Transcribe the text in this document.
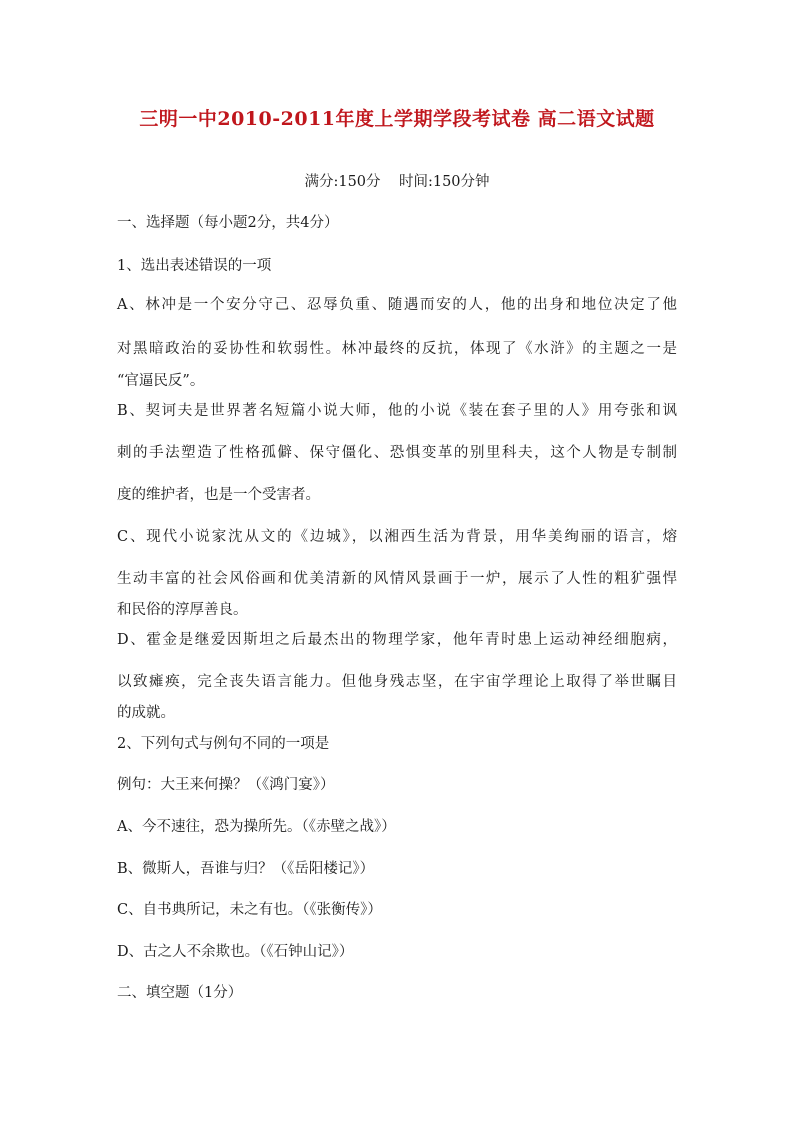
三明一中2010-2011年度上学期学段考试卷 高二语文试题
满分:150分    时间:150分钟

一、选择题（每小题2分，共4分）

1、选出表述错误的一项

A、林冲是一个安分守己、忍辱负重、随遇而安的人，他的出身和地位决定了他

对黑暗政治的妥协性和软弱性。林冲最终的反抗，体现了《水浒》的主题之一是

“官逼民反”。

B、契诃夫是世界著名短篇小说大师，他的小说《装在套子里的人》用夸张和讽

刺的手法塑造了性格孤僻、保守僵化、恐惧变革的别里科夫，这个人物是专制制

度的维护者，也是一个受害者。

C、现代小说家沈从文的《边城》，以湘西生活为背景，用华美绚丽的语言，熔

生动丰富的社会风俗画和优美清新的风情风景画于一炉，展示了人性的粗犷强悍

和民俗的淳厚善良。

D、霍金是继爱因斯坦之后最杰出的物理学家，他年青时患上运动神经细胞病，

以致瘫痪，完全丧失语言能力。但他身残志坚，在宇宙学理论上取得了举世瞩目

的成就。

2、下列句式与例句不同的一项是

例句：大王来何操？（《鸿门宴》）

A、今不速往，恐为操所先。（《赤壁之战》）

B、微斯人，吾谁与归？（《岳阳楼记》）

C、自书典所记，未之有也。（《张衡传》）

D、古之人不余欺也。（《石钟山记》）

二、填空题（1分）
